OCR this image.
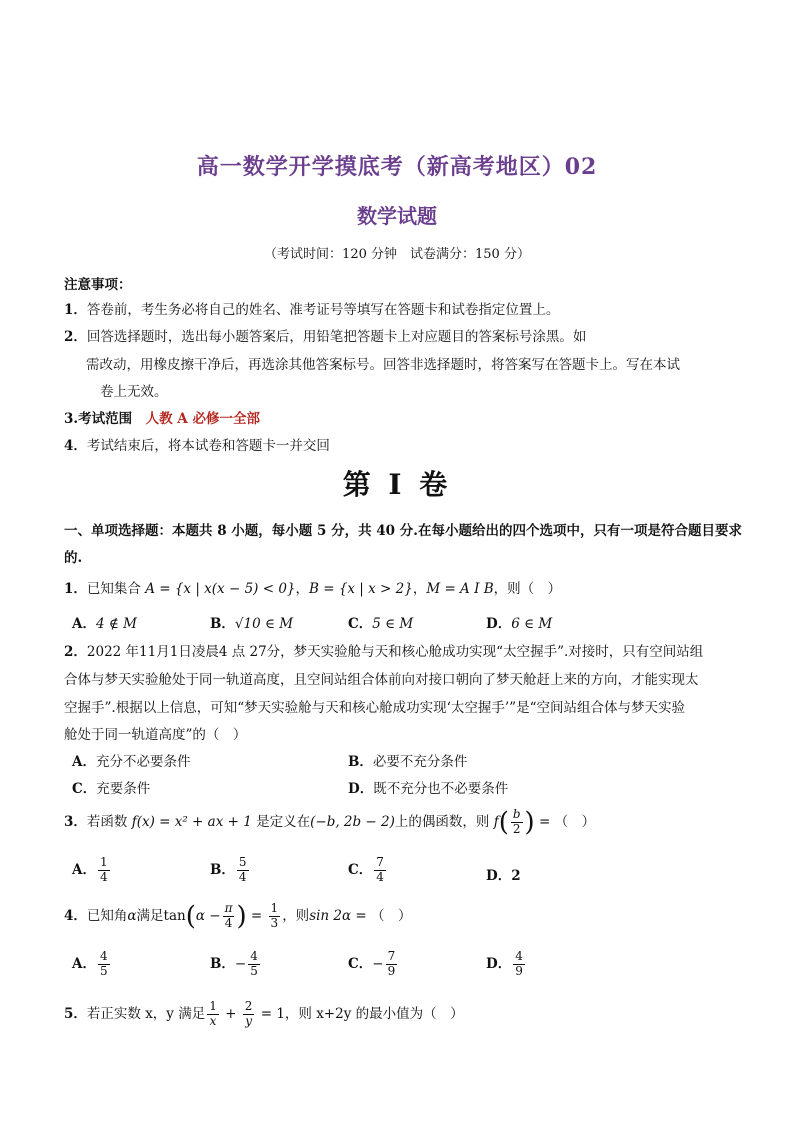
高一数学开学摸底考（新高考地区）02
数学试题
（考试时间：120 分钟　试卷满分：150 分）
注意事项：
1．答卷前，考生务必将自己的姓名、准考证号等填写在答题卡和试卷指定位置上。
2．回答选择题时，选出每小题答案后，用铅笔把答题卡上对应题目的答案标号涂黑。如
需改动，用橡皮擦干净后，再选涂其他答案标号。回答非选择题时，将答案写在答题卡上。写在本试
卷上无效。
3.考试范围　人教 A 必修一全部
4．考试结束后，将本试卷和答题卡一并交回
第 I 卷
一、单项选择题：本题共 8 小题，每小题 5 分，共 40 分.在每小题给出的四个选项中，只有一项是符合题目要求
的.
1．已知集合 A = {x | x(x − 5) < 0}，B = {x | x > 2}，M = A I B，则（　）
A．4 ∉ M	B．√10 ∈ M	C．5 ∈ M	D．6 ∈ M
2．2022 年11月1日凌晨4 点 27分，梦天实验舱与天和核心舱成功实现“太空握手”.对接时，只有空间站组
合体与梦天实验舱处于同一轨道高度，且空间站组合体前向对接口朝向了梦天舱赶上来的方向，才能实现太
空握手”.根据以上信息，可知“梦天实验舱与天和核心舱成功实现‘太空握手’”是“空间站组合体与梦天实验
舱处于同一轨道高度”的（　）
A．充分不必要条件	B．必要不充分条件
C．充要条件	D．既不充分也不必要条件
3．若函数 f(x) = x² + ax + 1 是定义在(−b, 2b − 2)上的偶函数，则 $f( \frac{b}{2}$ ) = （　）
A． $\frac{1}{4}$	B． $\frac{5}{4}$	C． $\frac{7}{4}$	D．2
4．已知角α满足$\tan(\alpha - \frac{\pi}{4}$ ) = $\frac{1}{3}$ ，则sin 2α = （　）
A． $\frac{4}{5}$	B．− $\frac{4}{5}$	C．− $\frac{7}{9}$	D． $\frac{4}{9}$
5．若正实数 x，y 满足 $\frac{1}{x} + \frac{2}{y} = 1$，则 x+2y 的最小值为（　）
